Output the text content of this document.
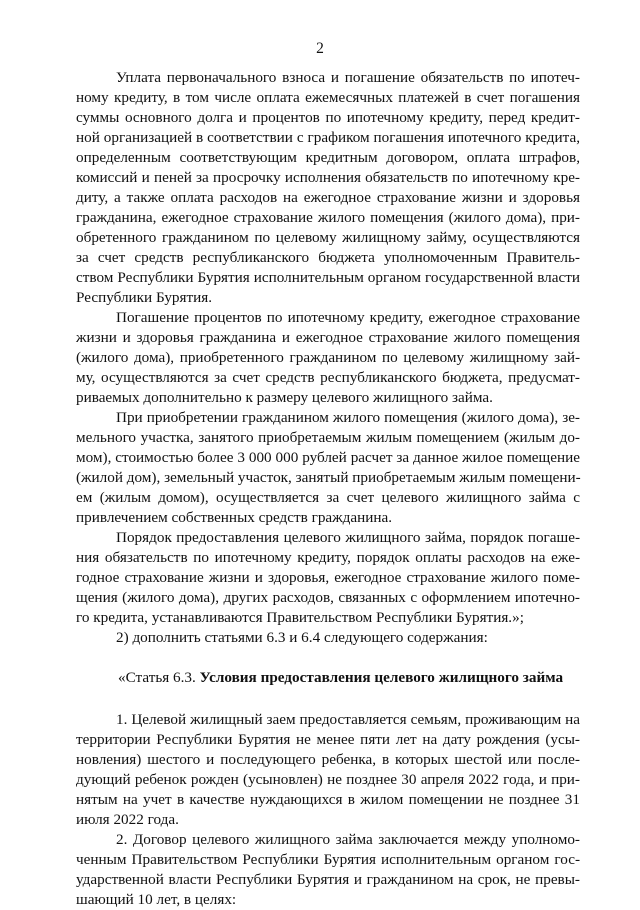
2
Уплата первоначального взноса и погашение обязательств по ипотеч-
ному кредиту, в том числе оплата ежемесячных платежей в счет погашения
суммы основного долга и процентов по ипотечному кредиту, перед кредит-
ной организацией в соответствии с графиком погашения ипотечного кредита,
определенным соответствующим кредитным договором, оплата штрафов,
комиссий и пеней за просрочку исполнения обязательств по ипотечному кре-
диту, а также оплата расходов на ежегодное страхование жизни и здоровья
гражданина, ежегодное страхование жилого помещения (жилого дома), при-
обретенного гражданином по целевому жилищному займу, осуществляются
за счет средств республиканского бюджета уполномоченным Правитель-
ством Республики Бурятия исполнительным органом государственной власти
Республики Бурятия.
Погашение процентов по ипотечному кредиту, ежегодное страхование
жизни и здоровья гражданина и ежегодное страхование жилого помещения
(жилого дома), приобретенного гражданином по целевому жилищному зай-
му, осуществляются за счет средств республиканского бюджета, предусмат-
риваемых дополнительно к размеру целевого жилищного займа.
При приобретении гражданином жилого помещения (жилого дома), зе-
мельного участка, занятого приобретаемым жилым помещением (жилым до-
мом), стоимостью более 3 000 000 рублей расчет за данное жилое помещение
(жилой дом), земельный участок, занятый приобретаемым жилым помещени-
ем (жилым домом), осуществляется за счет целевого жилищного займа с
привлечением собственных средств гражданина.
Порядок предоставления целевого жилищного займа, порядок погаше-
ния обязательств по ипотечному кредиту, порядок оплаты расходов на еже-
годное страхование жизни и здоровья, ежегодное страхование жилого поме-
щения (жилого дома), других расходов, связанных с оформлением ипотечно-
го кредита, устанавливаются Правительством Республики Бурятия.»;
2) дополнить статьями 6.3 и 6.4 следующего содержания:
«Статья 6.3. Условия предоставления целевого жилищного займа
1. Целевой жилищный заем предоставляется семьям, проживающим на
территории Республики Бурятия не менее пяти лет на дату рождения (усы-
новления) шестого и последующего ребенка, в которых шестой или после-
дующий ребенок рожден (усыновлен) не позднее 30 апреля 2022 года, и при-
нятым на учет в качестве нуждающихся в жилом помещении не позднее 31
июля 2022 года.
2. Договор целевого жилищного займа заключается между уполномо-
ченным Правительством Республики Бурятия исполнительным органом гос-
ударственной власти Республики Бурятия и гражданином на срок, не превы-
шающий 10 лет, в целях:
